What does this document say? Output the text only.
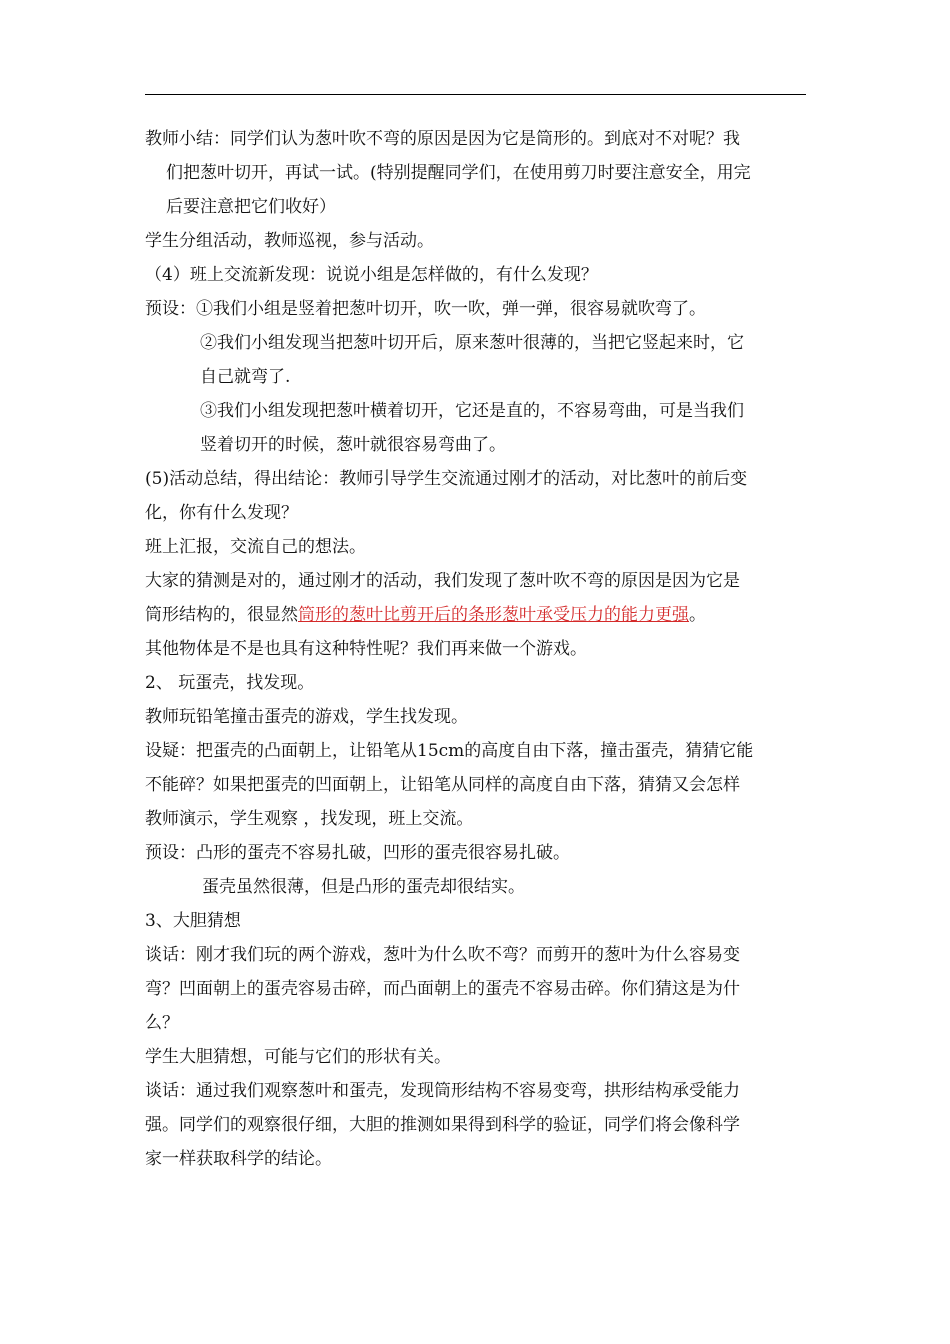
教师小结：同学们认为葱叶吹不弯的原因是因为它是筒形的。到底对不对呢？我

们把葱叶切开，再试一试。(特别提醒同学们，在使用剪刀时要注意安全，用完

后要注意把它们收好）

学生分组活动，教师巡视，参与活动。

（4）班上交流新发现：说说小组是怎样做的，有什么发现？

预设：①我们小组是竖着把葱叶切开，吹一吹，弹一弹，很容易就吹弯了。

②我们小组发现当把葱叶切开后，原来葱叶很薄的，当把它竖起来时，它

自己就弯了.

③我们小组发现把葱叶横着切开，它还是直的，不容易弯曲，可是当我们

竖着切开的时候，葱叶就很容易弯曲了。

(5)活动总结，得出结论：教师引导学生交流通过刚才的活动，对比葱叶的前后变

化，你有什么发现？

班上汇报，交流自己的想法。

大家的猜测是对的，通过刚才的活动，我们发现了葱叶吹不弯的原因是因为它是

筒形结构的，很显然筒形的葱叶比剪开后的条形葱叶承受压力的能力更强。

其他物体是不是也具有这种特性呢？我们再来做一个游戏。

2、 玩蛋壳，找发现。

教师玩铅笔撞击蛋壳的游戏，学生找发现。

设疑：把蛋壳的凸面朝上，让铅笔从15cm的高度自由下落，撞击蛋壳，猜猜它能

不能碎？如果把蛋壳的凹面朝上，让铅笔从同样的高度自由下落，猜猜又会怎样

教师演示，学生观察 ，找发现，班上交流。

预设：凸形的蛋壳不容易扎破，凹形的蛋壳很容易扎破。

蛋壳虽然很薄，但是凸形的蛋壳却很结实。

3、大胆猜想

谈话：刚才我们玩的两个游戏，葱叶为什么吹不弯？而剪开的葱叶为什么容易变

弯？凹面朝上的蛋壳容易击碎，而凸面朝上的蛋壳不容易击碎。你们猜这是为什

么？

学生大胆猜想，可能与它们的形状有关。

谈话：通过我们观察葱叶和蛋壳，发现筒形结构不容易变弯，拱形结构承受能力

强。同学们的观察很仔细，大胆的推测如果得到科学的验证，同学们将会像科学

家一样获取科学的结论。
